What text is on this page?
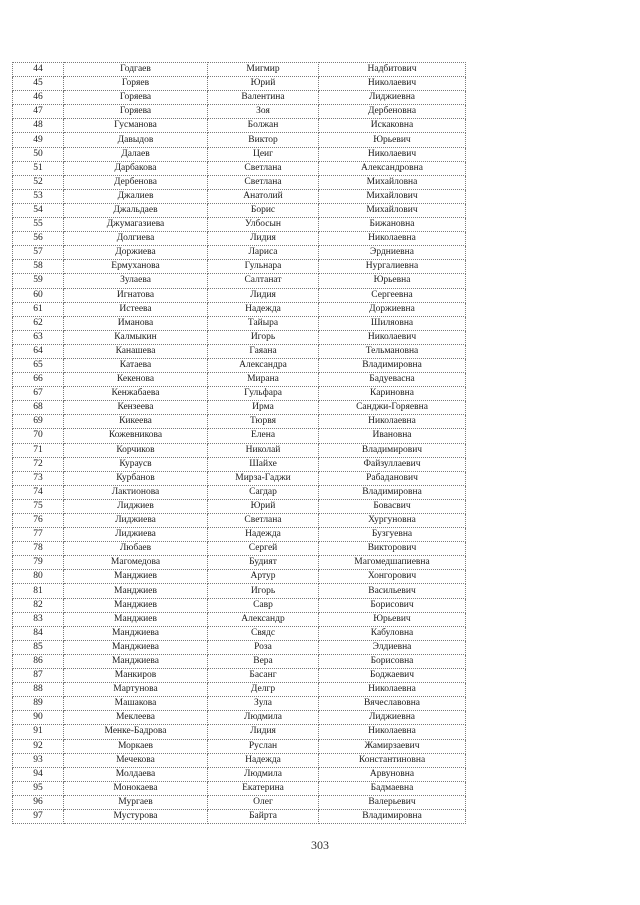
44	Годгаев	Мигмир	Надбитович
45	Горяев	Юрий	Николаевич
46	Горяева	Валентина	Лиджиевна
47	Горяева	Зоя	Дербеновна
48	Гусманова	Болжан	Искаковна
49	Давыдов	Виктор	Юрьевич
50	Далаев	Цеиг	Николаевич
51	Дарбакова	Светлана	Александровна
52	Дербенова	Светлана	Михайловна
53	Джалиев	Анатолий	Михайлович
54	Джальдаев	Борис	Михайлович
55	Джумагазиева	Улбосын	Бижановна
56	Долгиева	Лидия	Николаевна
57	Доржиева	Лариса	Эрдниевна
58	Ермуханова	Гульнара	Нургалиевна
59	Зулаева	Салтанат	Юрьевна
60	Игнатова	Лидия	Сергеевна
61	Истеева	Надежда	Доржиевна
62	Иманова	Тайыра	Шиляовна
63	Калмыкин	Игорь	Николаевич
64	Канашева	Гаяана	Тельмановна
65	Катаева	Александра	Владимировна
66	Кекенова	Мирана	Бадуевасна
67	Кенжабаева	Гульфара	Кариновна
68	Кензеева	Ирма	Санджи-Горяевна
69	Кикеева	Тюрвя	Николаевна
70	Кожевникова	Елена	Ивановна
71	Корчиков	Николай	Владимирович
72	Кураусв	Шайхе	Файзуллаевич
73	Курбанов	Мирза-Гаджи	Рабаданович
74	Лактионова	Сагдар	Владимировна
75	Лиджиев	Юрий	Бовасвич
76	Лиджиева	Светлана	Хургуновна
77	Лиджиева	Надежда	Бузгуевна
78	Любаев	Сергей	Викторович
79	Магомедова	Будият	Магомедшапиевна
80	Манджиев	Артур	Хонгорович
81	Манджиев	Игорь	Васильевич
82	Манджиев	Савр	Борисович
83	Манджиев	Александр	Юрьевич
84	Манджиева	Свядс	Кабуловна
85	Манджиева	Роза	Элдиевна
86	Манджиева	Вера	Борисовна
87	Манкиров	Басанг	Боджаевич
88	Мартунова	Делгр	Николаевна
89	Машакова	Зула	Вячеславовна
90	Меклеева	Людмила	Лиджиевна
91	Менке-Бадрова	Лидия	Николаевна
92	Моркаев	Руслан	Жамирзаевич
93	Мечекова	Надежда	Константиновна
94	Молдаева	Людмила	Арвуновна
95	Монокаева	Екатерина	Бадмаевна
96	Мургаев	Олег	Валерьевич
97	Мустурова	Байрта	Владимировна
303
